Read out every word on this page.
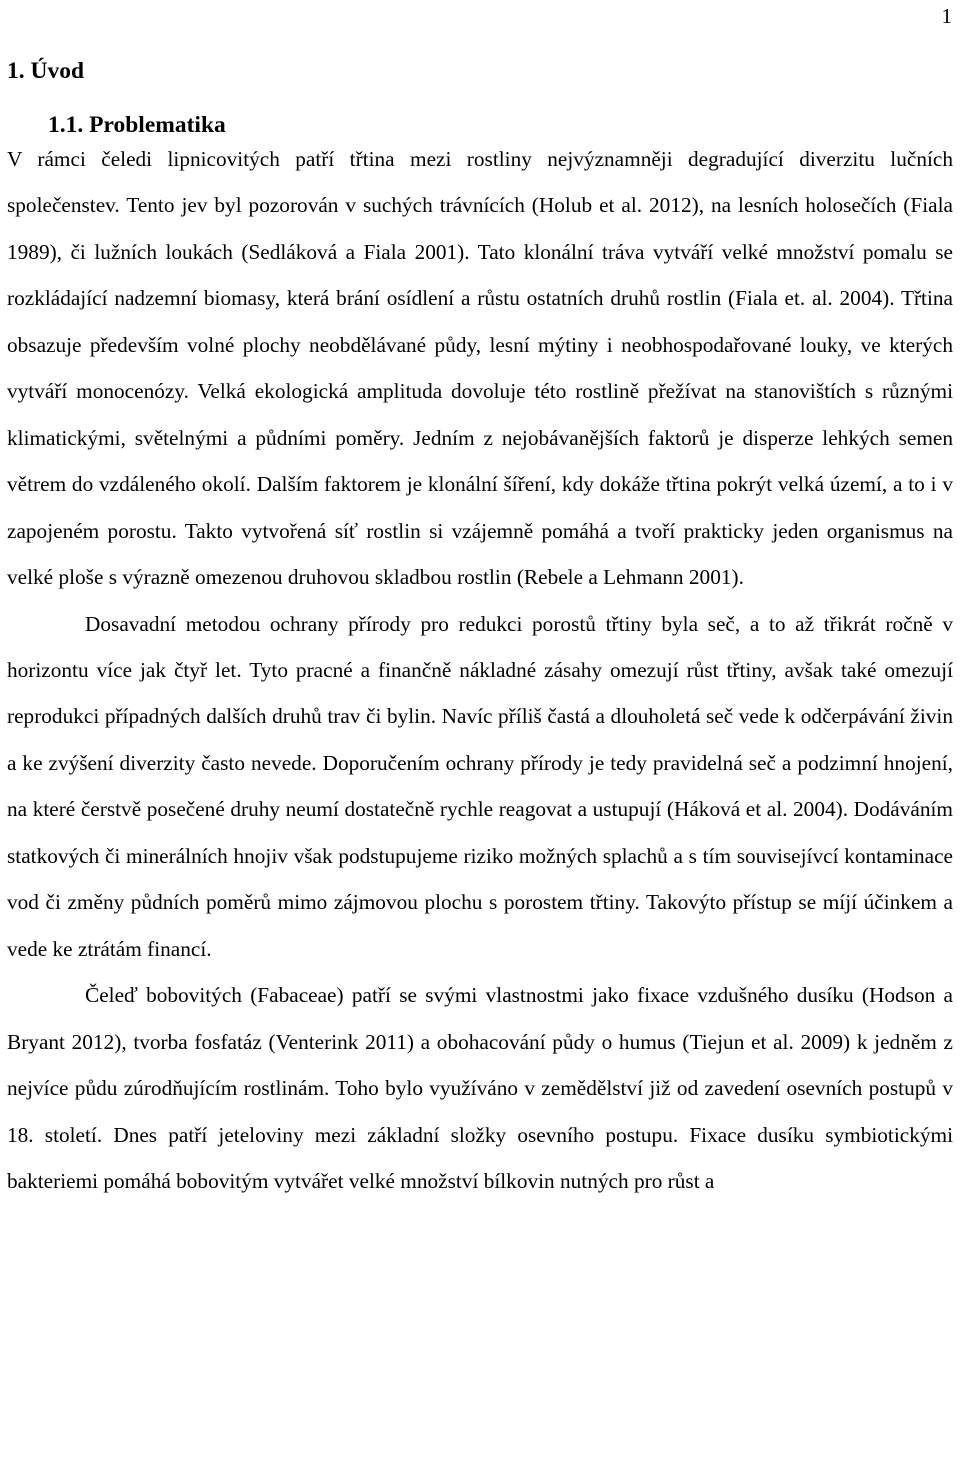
1
1. Úvod
1.1. Problematika

V rámci čeledi lipnicovitých patří třtina mezi rostliny nejvýznamněji degradující diverzitu lučních společenstev. Tento jev byl pozorován v suchých trávnících (Holub et al. 2012), na lesních holosečích (Fiala 1989), či lužních loukách (Sedláková a Fiala 2001). Tato klonální tráva vytváří velké množství pomalu se rozkládající nadzemní biomasy, která brání osídlení a růstu ostatních druhů rostlin (Fiala et. al. 2004). Třtina obsazuje především volné plochy neobdělávané půdy, lesní mýtiny i neobhospodařované louky, ve kterých vytváří monocenózy. Velká ekologická amplituda dovoluje této rostlině přežívat na stanovištích s různými klimatickými, světelnými a půdními poměry. Jedním z nejobávanějších faktorů je disperze lehkých semen větrem do vzdáleného okolí. Dalším faktorem je klonální šíření, kdy dokáže třtina pokrýt velká území, a to i v zapojeném porostu. Takto vytvořená síť rostlin si vzájemně pomáhá a tvoří prakticky jeden organismus na velké ploše s výrazně omezenou druhovou skladbou rostlin (Rebele a Lehmann 2001).

Dosavadní metodou ochrany přírody pro redukci porostů třtiny byla seč, a to až třikrát ročně v horizontu více jak čtyř let. Tyto pracné a finančně nákladné zásahy omezují růst třtiny, avšak také omezují reprodukci případných dalších druhů trav či bylin. Navíc příliš častá a dlouholetá seč vede k odčerpávání živin a ke zvýšení diverzity často nevede. Doporučením ochrany přírody je tedy pravidelná seč a podzimní hnojení, na které čerstvě posečené druhy neumí dostatečně rychle reagovat a ustupují (Háková et al. 2004). Dodáváním statkových či minerálních hnojiv však podstupujeme riziko možných splachů a s tím souvisejívcí kontaminace vod či změny půdních poměrů mimo zájmovou plochu s porostem třtiny. Takovýto přístup se míjí účinkem a vede ke ztrátám financí.

Čeleď bobovitých (Fabaceae) patří se svými vlastnostmi jako fixace vzdušného dusíku (Hodson a Bryant 2012), tvorba fosfatáz (Venterink 2011) a obohacování půdy o humus (Tiejun et al. 2009) k jedněm z nejvíce půdu zúrodňujícím rostlinám. Toho bylo využíváno v zemědělství již od zavedení osevních postupů v 18. století. Dnes patří jeteloviny mezi základní složky osevního postupu. Fixace dusíku symbiotickými bakteriemi pomáhá bobovitým vytvářet velké množství bílkovin nutných pro růst a
